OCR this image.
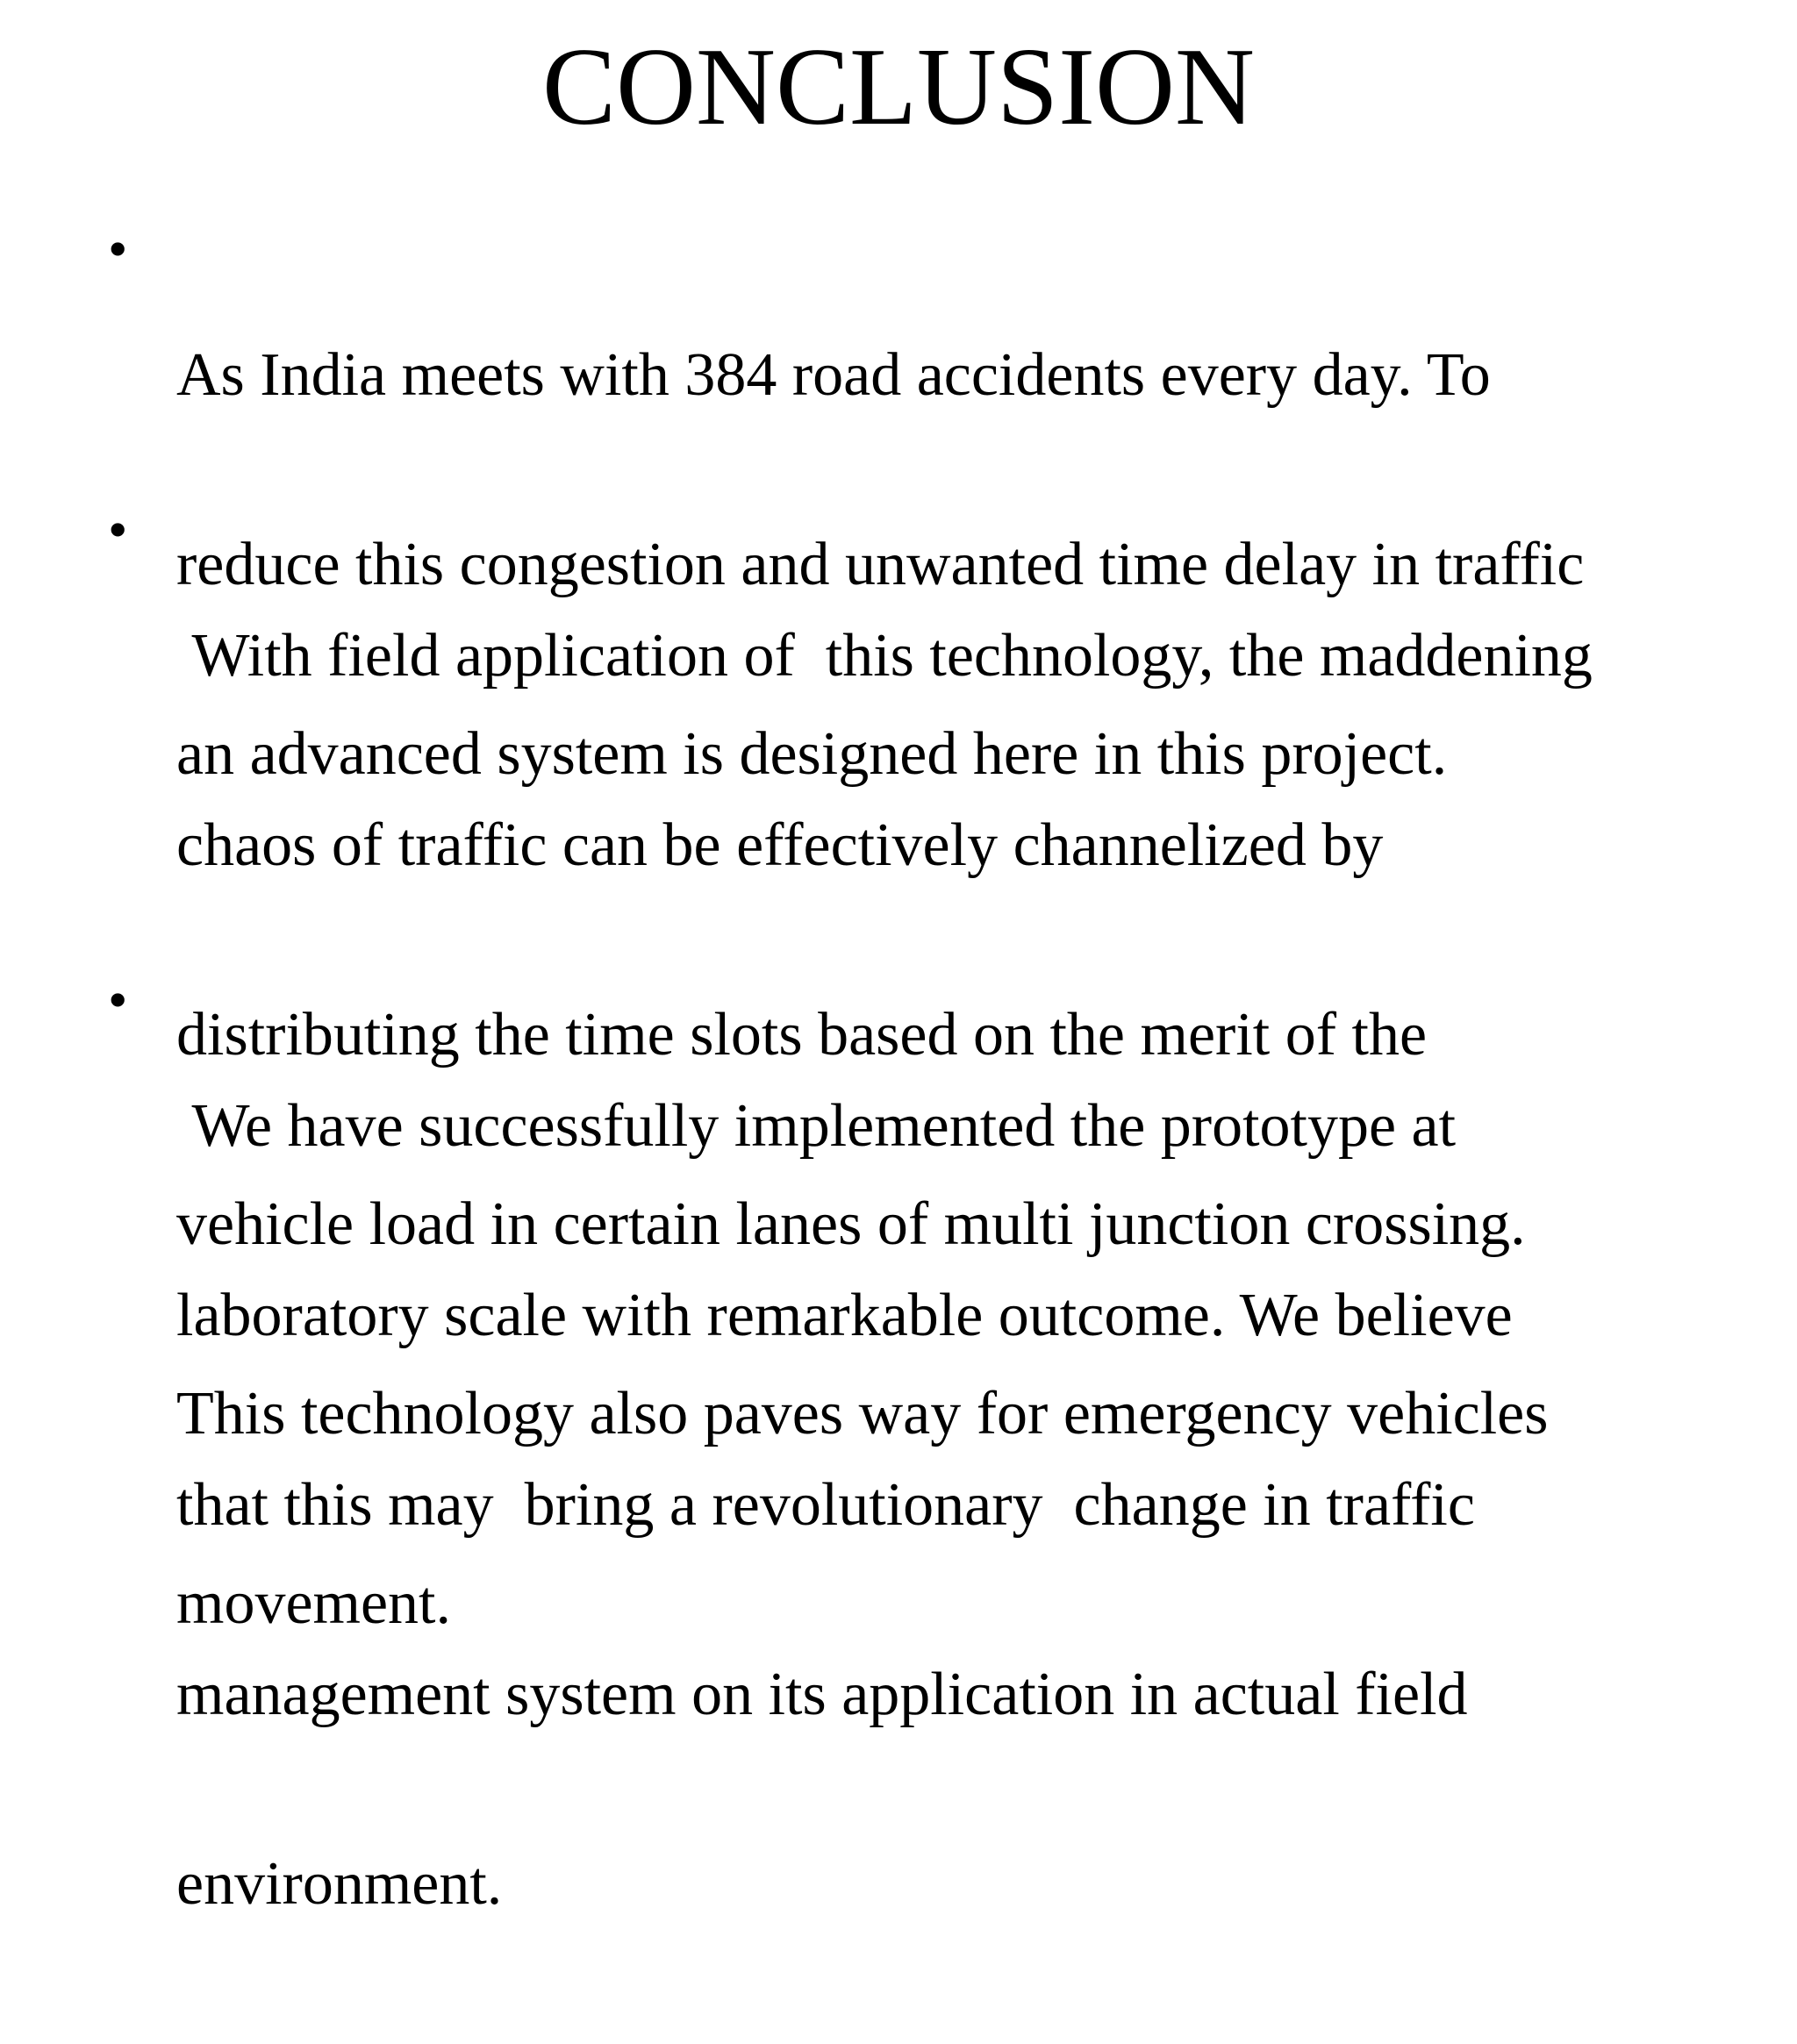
CONCLUSION
•

As India meets with 384 road accidents every day. To

reduce this congestion and unwanted time delay in traffic

an advanced system is designed here in this project.

•

With field application of  this technology, the maddening

chaos of traffic can be effectively channelized by

distributing the time slots based on the merit of the

vehicle load in certain lanes of multi junction crossing.

This technology also paves way for emergency vehicles

movement.

•

We have successfully implemented the prototype at

laboratory scale with remarkable outcome. We believe

that this may  bring a revolutionary  change in traffic

management system on its application in actual field

environment.
